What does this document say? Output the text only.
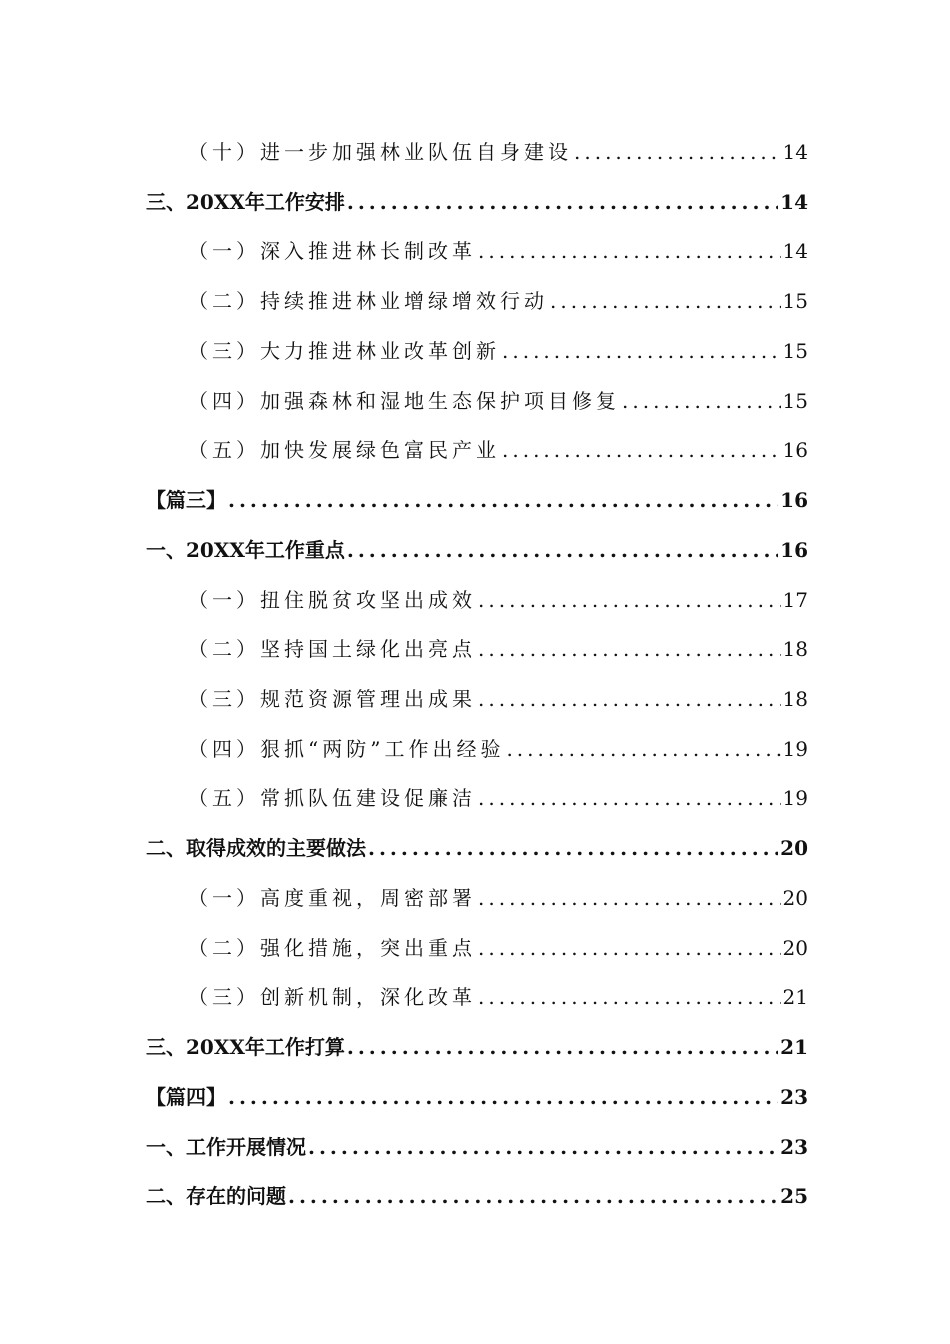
（十）进一步加强林业队伍自身建设 .....	14
三、20XX年工作安排 .....	14
（一）深入推进林长制改革 .....	14
（二）持续推进林业增绿增效行动 .....	15
（三）大力推进林业改革创新 .....	15
（四）加强森林和湿地生态保护项目修复 .....	15
（五）加快发展绿色富民产业 .....	16
【篇三】 .....	16
一、20XX年工作重点 .....	16
（一）扭住脱贫攻坚出成效 .....	17
（二）坚持国土绿化出亮点 .....	18
（三）规范资源管理出成果 .....	18
（四）狠抓“两防”工作出经验 .....	19
（五）常抓队伍建设促廉洁 .....	19
二、取得成效的主要做法 .....	20
（一）高度重视，周密部署 .....	20
（二）强化措施，突出重点 .....	20
（三）创新机制，深化改革 .....	21
三、20XX年工作打算 .....	21
【篇四】 .....	23
一、工作开展情况 .....	23
二、存在的问题 .....	25
